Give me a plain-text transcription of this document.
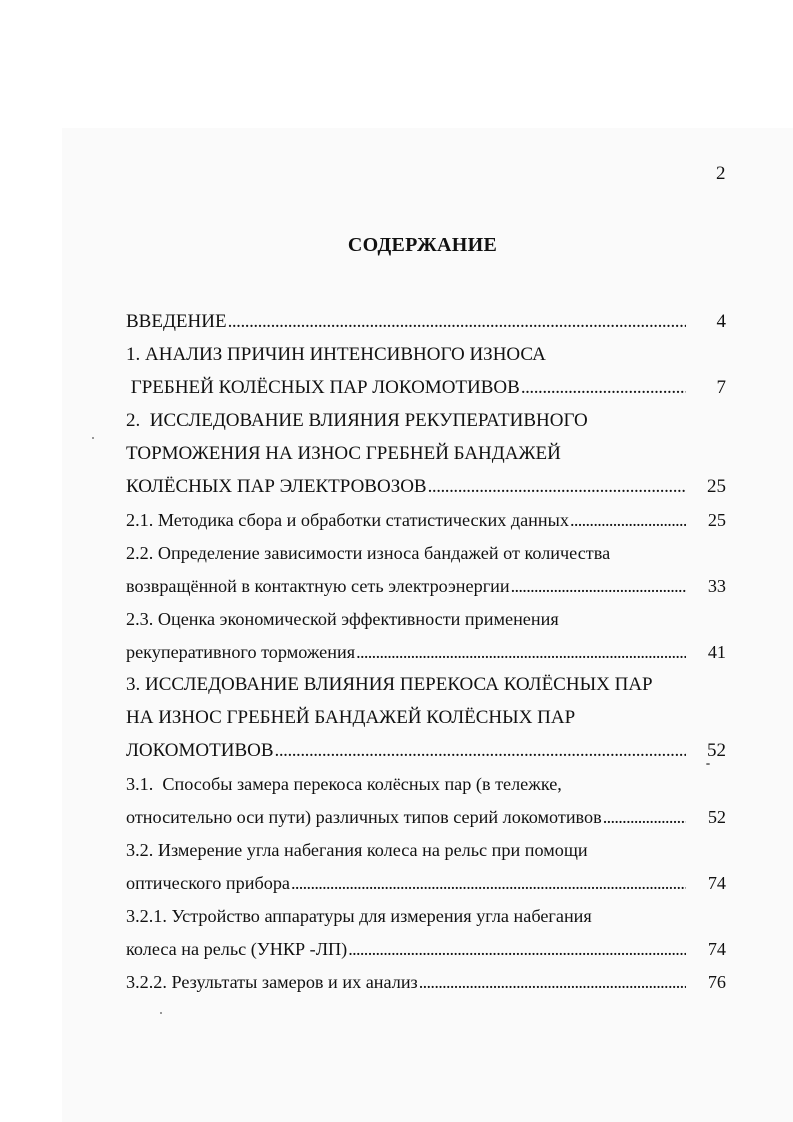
2
СОДЕРЖАНИЕ
ВВЕДЕНИЕ . . .	4
1. АНАЛИЗ ПРИЧИН ИНТЕНСИВНОГО ИЗНОСА
ГРЕБНЕЙ КОЛЁСНЫХ ПАР ЛОКОМОТИВОВ . . .	7
2.  ИССЛЕДОВАНИЕ ВЛИЯНИЯ РЕКУПЕРАТИВНОГО
ТОРМОЖЕНИЯ НА ИЗНОС ГРЕБНЕЙ БАНДАЖЕЙ
КОЛЁСНЫХ ПАР ЭЛЕКТРОВОЗОВ . . .	25
2.1. Методика сбора и обработки статистических данных . . .	25
2.2. Определение зависимости износа бандажей от количества
возвращённой в контактную сеть электроэнергии . . .	33
2.3. Оценка экономической эффективности применения
рекуперативного торможения . . .	41
3. ИССЛЕДОВАНИЕ ВЛИЯНИЯ ПЕРЕКОСА КОЛЁСНЫХ ПАР
НА ИЗНОС ГРЕБНЕЙ БАНДАЖЕЙ КОЛЁСНЫХ ПАР
ЛОКОМОТИВОВ . . .	52
3.1.  Способы замера перекоса колёсных пар (в тележке,
относительно оси пути) различных типов серий локомотивов . . .	52
3.2. Измерение угла набегания колеса на рельс при помощи
оптического прибора . . .	74
3.2.1. Устройство аппаратуры для измерения угла набегания
колеса на рельс (УНКР -ЛП) . . .	74
3.2.2. Результаты замеров и их анализ . . .	76
